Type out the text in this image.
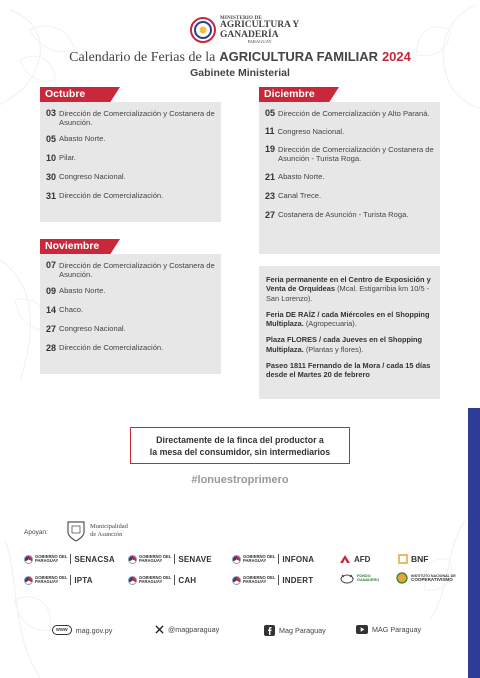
MINISTERIO DE
AGRICULTURA Y
GANADERÍA
PARAGUAY
Calendario de Ferias de la AGRICULTURA FAMILIAR 2024
Gabinete Ministerial
Octubre
03 Dirección de Comercialización y Costanera de Asunción.
05 Abasto Norte.
10 Pilar.
30 Congreso Nacional.
31 Dirección de Comercialización.
Noviembre
07 Dirección de Comercialización y Costanera de Asunción.
09 Abasto Norte.
14 Chaco.
27 Congreso Nacional.
28 Dirección de Comercialización.
Diciembre
05 Dirección de Comercialización y Alto Paraná.
11 Congreso Nacional.
19 Dirección de Comercialización y Costanera de Asunción - Turista Roga.
21 Abasto Norte.
23 Canal Trece.
27 Costanera de Asunción - Turista Roga.
Feria permanente en el Centro de Exposición y Venta de Orquídeas (Mcal. Estigarribia km 10/5 - San Lorenzo).
Feria DE RAÍZ / cada Miércoles en el Shopping Multiplaza. (Agropecuaria).
Plaza FLORES / cada Jueves en el Shopping Multiplaza. (Plantas y flores).
Paseo 1811 Fernando de la Mora / cada 15 días desde el Martes 20 de febrero
Directamente de la finca del productor a
la mesa del consumidor, sin intermediarios
#lonuestroprimero
Apoyan:
Municipalidad
de Asunción
GOBIERNO DEL
PARAGUAY	SENACSA	GOBIERNO DEL
PARAGUAY	SENAVE	GOBIERNO DEL
PARAGUAY	INFONA	AFD	BNF
GOBIERNO DEL
PARAGUAY	IPTA	GOBIERNO DEL
PARAGUAY	CAH	GOBIERNO DEL
PARAGUAY	INDERT	FONDO
GANADERO
INSTITUTO NACIONAL DE
COOPERATIVISMO
www	mag.gov.py	@magparaguay	Mag Paraguay	MAG Paraguay
